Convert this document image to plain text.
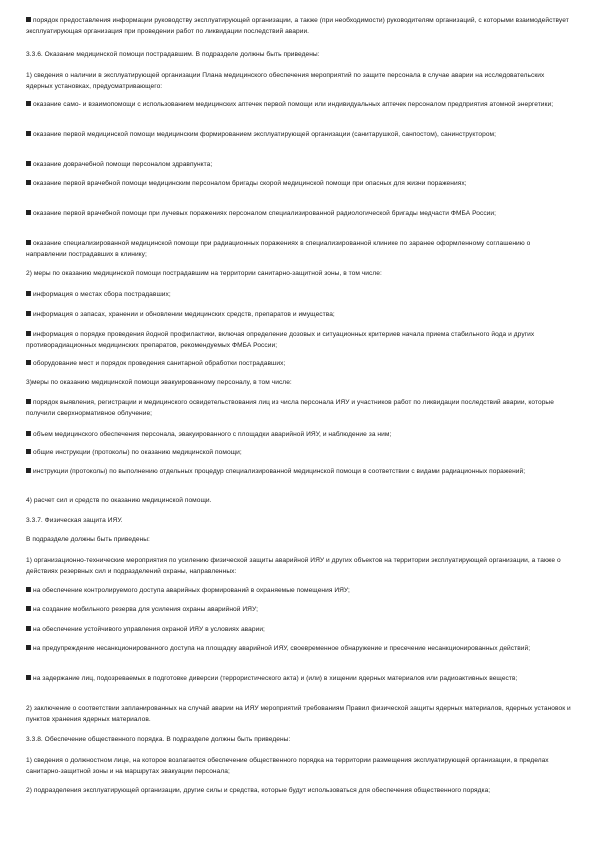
порядок предоставления информации руководству эксплуатирующей организации, а также (при необходимости) руководителям организаций, с которыми взаимодействует эксплуатирующая организация при проведении работ по ликвидации последствий аварии.

3.3.6. Оказание медицинской помощи пострадавшим. В подразделе должны быть приведены:

1) сведения о наличии в эксплуатирующей организации Плана медицинского обеспечения мероприятий по защите персонала в случае аварии на исследовательских ядерных установках, предусматривающего:

оказание само- и взаимопомощи с использованием медицинских аптечек первой помощи или индивидуальных аптечек персоналом предприятия атомной энергетики;

оказание первой медицинской помощи медицинским формированием эксплуатирующей организации (санитарушкой, санпостом), санинструктором;

оказание доврачебной помощи персоналом здравпункта;

оказание первой врачебной помощи медицинским персоналом бригады скорой медицинской помощи при опасных для жизни поражениях;

оказание первой врачебной помощи при лучевых поражениях персоналом специализированной радиологической бригады медчасти ФМБА России;

оказание специализированной медицинской помощи при радиационных поражениях в специализированной клинике по заранее оформленному соглашению о направлении пострадавших в клинику;

2) меры по оказанию медицинской помощи пострадавшим на территории санитарно-защитной зоны, в том числе:

информация о местах сбора пострадавших;

информация о запасах, хранении и обновлении медицинских средств, препаратов и имущества;

информация о порядке проведения йодной профилактики, включая определение дозовых и ситуационных критериев начала приема стабильного йода и других противорадиационных медицинских препаратов, рекомендуемых ФМБА России;

оборудование мест и порядок проведения санитарной обработки пострадавших;

3)меры по оказанию медицинской помощи эвакуированному персоналу, в том числе:

порядок выявления, регистрации и медицинского освидетельствования лиц из числа персонала ИЯУ и участников работ по ликвидации последствий аварии, которые получили сверхнормативное облучение;

объем медицинского обеспечения персонала, эвакуированного с площадки аварийной ИЯУ, и наблюдение за ним;

общие инструкции (протоколы) по оказанию медицинской помощи;

инструкции (протоколы) по выполнению отдельных процедур специализированной медицинской помощи в соответствии с видами радиационных поражений;

4) расчет сил и средств по оказанию медицинской помощи.

3.3.7. Физическая защита ИЯУ.

В подразделе должны быть приведены:

1) организационно-технические мероприятия по усилению физической защиты аварийной ИЯУ и других объектов на территории эксплуатирующей организации, а также о действиях резервных сил и подразделений охраны, направленных:

на обеспечение контролируемого доступа аварийных формирований в охраняемые помещения ИЯУ;

на создание мобильного резерва для усиления охраны аварийной ИЯУ;

на обеспечение устойчивого управления охраной ИЯУ в условиях аварии;

на предупреждение несанкционированного доступа на площадку аварийной ИЯУ, своевременное обнаружение и пресечение несанкционированных действий;

на задержание лиц, подозреваемых в подготовке диверсии (террористического акта) и (или) в хищении ядерных материалов или радиоактивных веществ;

2) заключение о соответствии запланированных на случай аварии на ИЯУ мероприятий требованиям Правил физической защиты ядерных материалов, ядерных установок и пунктов хранения ядерных материалов.

3.3.8. Обеспечение общественного порядка. В подразделе должны быть приведены:

1) сведения о должностном лице, на которое возлагается обеспечение общественного порядка на территории размещения эксплуатирующей организации, в пределах санитарно-защитной зоны и на маршрутах эвакуации персонала;

2) подразделения эксплуатирующей организации, другие силы и средства, которые будут использоваться для обеспечения общественного порядка;
